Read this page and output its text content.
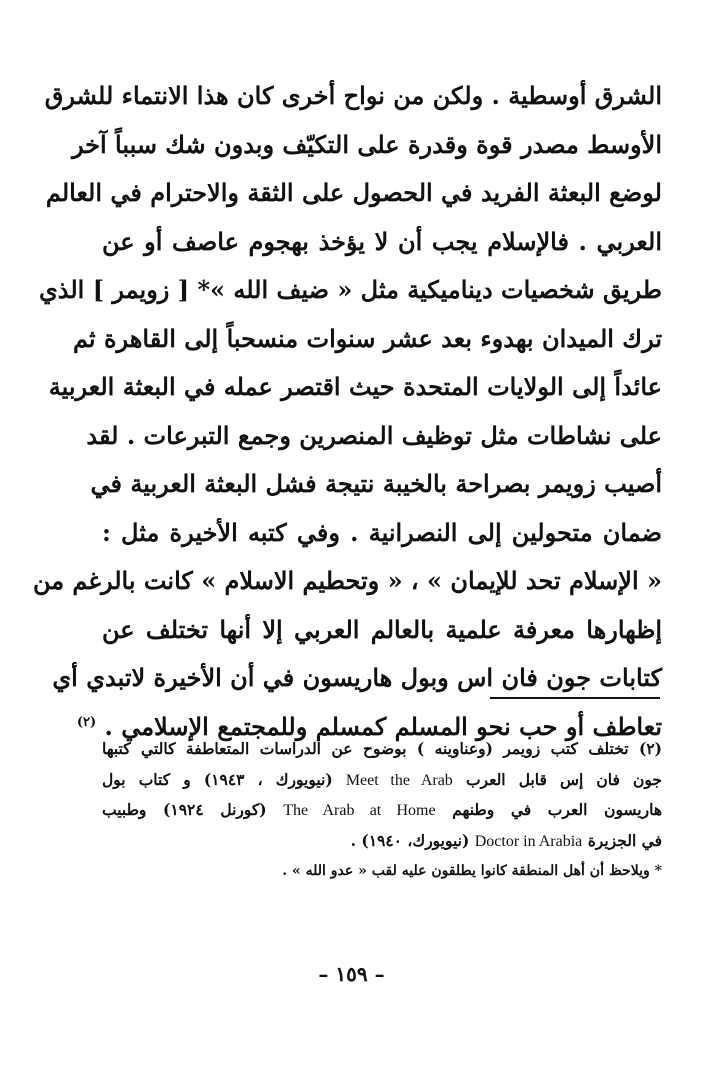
الشرق أوسطية . ولكن من نواح أخرى كان هذا الانتماء للشرق
الأوسط مصدر قوة وقدرة على التكيّف وبدون شك سبباً آخر
لوضع البعثة الفريد في الحصول على الثقة والاحترام في العالم
العربي . فالإسلام يجب أن لا يؤخذ بهجوم عاصف أو عن
طريق شخصيات ديناميكية مثل « ضيف الله »* [ زويمر ] الذي
ترك الميدان بهدوء بعد عشر سنوات منسحباً إلى القاهرة ثم
عائداً إلى الولايات المتحدة حيث اقتصر عمله في البعثة العربية
على نشاطات مثل توظيف المنصرين وجمع التبرعات . لقد
أصيب زويمر بصراحة بالخيبة نتيجة فشل البعثة العربية في
ضمان متحولين إلى النصرانية . وفي كتبه الأخيرة مثل :
« الإسلام تحد للإيمان » ، « وتحطيم الاسلام » كانت بالرغم من
إظهارها معرفة علمية بالعالم العربي إلا أنها تختلف عن
كتابات جون فان اس وبول هاريسون في أن الأخيرة لاتبدي أي
تعاطف أو حب نحو المسلم كمسلم وللمجتمع الإسلامي . $^{(٢)}$
(٢) تختلف كتب زويمر (وعناوينه ) بوضوح عن الدراسات المتعاطفة كالتي كتبها
جون فان إس قابل العرب Meet the Arab (نيويورك ، ١٩٤٣) و كتاب بول
هاريسون العرب في وطنهم The Arab at Home (كورنل ١٩٢٤) وطبيب
في الجزيرة Doctor in Arabia (نيويورك، ١٩٤٠) .
* ويلاحظ أن أهل المنطقة كانوا يطلقون عليه لقب « عدو الله » .
– ١٥٩ –
